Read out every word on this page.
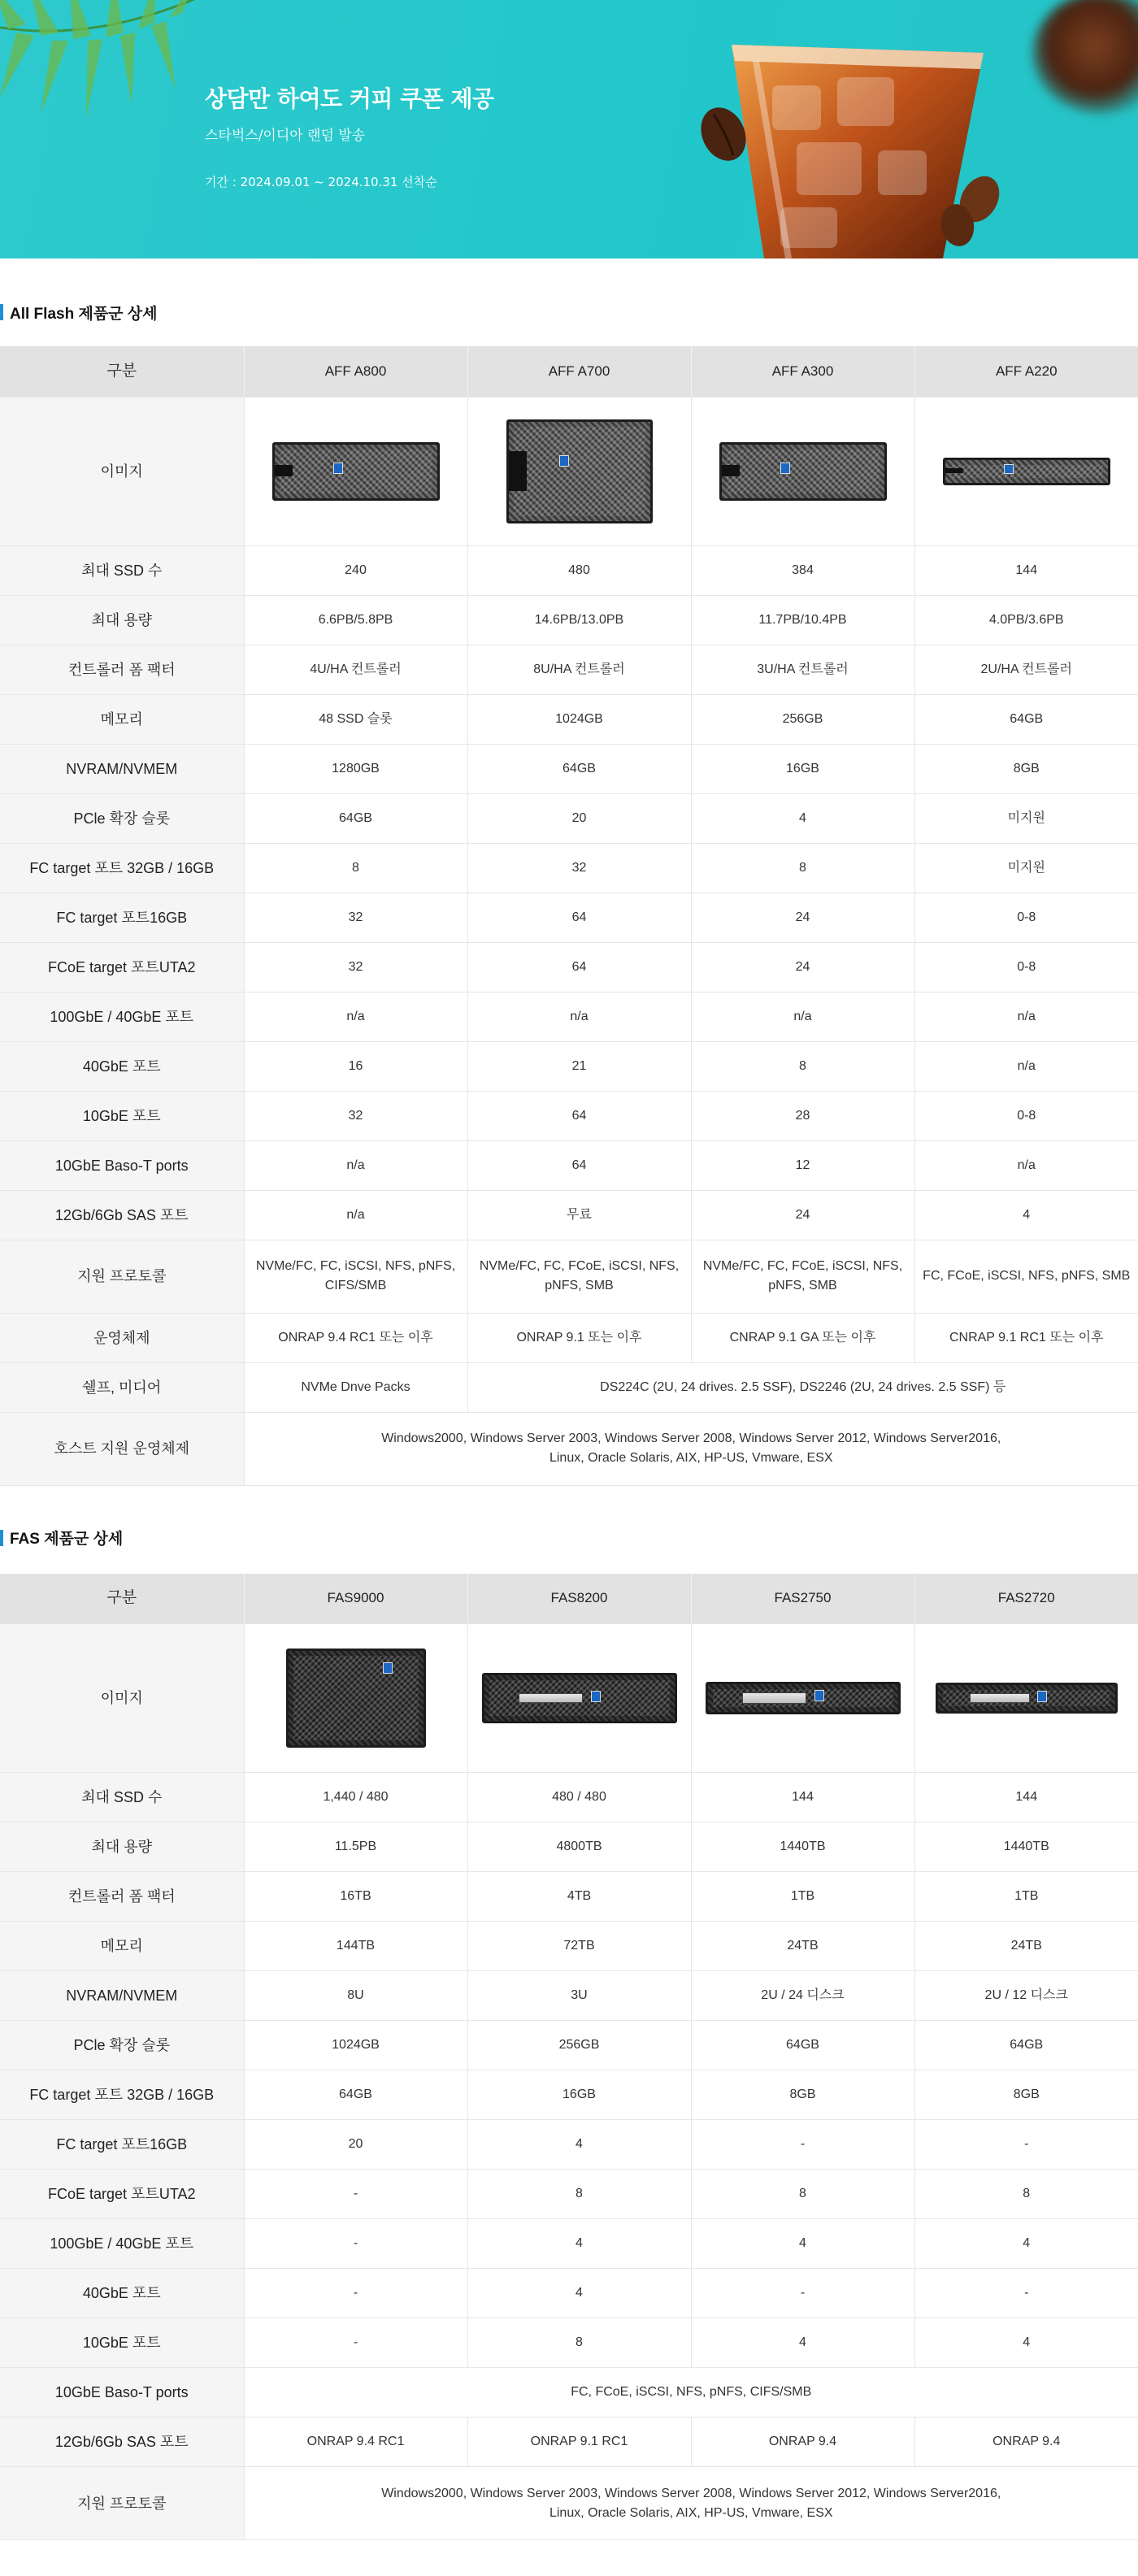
상담만 하여도 커피 쿠폰 제공
스타벅스/이디아 랜덤 발송
기간 : 2024.09.01 ~ 2024.10.31 선착순
All Flash 제품군 상세
구분	AFF A800	AFF A700	AFF A300	AFF A220
이미지	

최대 SSD 수	240	480	384	144
최대 용량	6.6PB/5.8PB	14.6PB/13.0PB	11.7PB/10.4PB	4.0PB/3.6PB
컨트롤러 폼 팩터	4U/HA 컨트롤러	8U/HA 컨트롤러	3U/HA 컨트롤러	2U/HA 컨트롤러
메모리	48 SSD 슬롯	1024GB	256GB	64GB
NVRAM/NVMEM	1280GB	64GB	16GB	8GB
PCle 확장 슬롯	64GB	20	4	미지원
FC target 포트 32GB / 16GB	8	32	8	미지원
FC target 포트16GB	32	64	24	0-8
FCoE target 포트UTA2	32	64	24	0-8
100GbE / 40GbE 포트	n/a	n/a	n/a	n/a
40GbE 포트	16	21	8	n/a
10GbE 포트	32	64	28	0-8
10GbE Baso-T ports	n/a	64	12	n/a
12Gb/6Gb SAS 포트	n/a	무료	24	4
지원 프로토콜	NVMe/FC, FC, iSCSI, NFS, pNFS, CIFS/SMB	NVMe/FC, FC, FCoE, iSCSI, NFS, pNFS, SMB	NVMe/FC, FC, FCoE, iSCSI, NFS, pNFS, SMB	FC, FCoE, iSCSI, NFS, pNFS, SMB
운영체제	ONRAP 9.4 RC1 또는 이후	ONRAP 9.1 또는 이후	CNRAP 9.1 GA 또는 이후	CNRAP 9.1 RC1 또는 이후
쉘프, 미디어	NVMe Dnve Packs	DS224C (2U, 24 drives. 2.5 SSF), DS2246 (2U, 24 drives. 2.5 SSF) 등		
호스트 지원 운영체제	Windows2000, Windows Server 2003, Windows Server 2008, Windows Server 2012, Windows Server2016,
Linux, Oracle Solaris, AIX, HP-US, Vmware, ESX			
FAS 제품군 상세
구분	FAS9000	FAS8200	FAS2750	FAS2720
이미지	

최대 SSD 수	1,440 / 480	480 / 480	144	144
최대 용량	11.5PB	4800TB	1440TB	1440TB
컨트롤러 폼 팩터	16TB	4TB	1TB	1TB
메모리	144TB	72TB	24TB	24TB
NVRAM/NVMEM	8U	3U	2U / 24 디스크	2U / 12 디스크
PCle 확장 슬롯	1024GB	256GB	64GB	64GB
FC target 포트 32GB / 16GB	64GB	16GB	8GB	8GB
FC target 포트16GB	20	4	-	-
FCoE target 포트UTA2	-	8	8	8
100GbE / 40GbE 포트	-	4	4	4
40GbE 포트	-	4	-	-
10GbE 포트	-	8	4	4
10GbE Baso-T ports	FC, FCoE, iSCSI, NFS, pNFS, CIFS/SMB			
12Gb/6Gb SAS 포트	ONRAP 9.4 RC1	ONRAP 9.1 RC1	ONRAP 9.4	ONRAP 9.4
지원 프로토콜	Windows2000, Windows Server 2003, Windows Server 2008, Windows Server 2012, Windows Server2016,
Linux, Oracle Solaris, AIX, HP-US, Vmware, ESX			
